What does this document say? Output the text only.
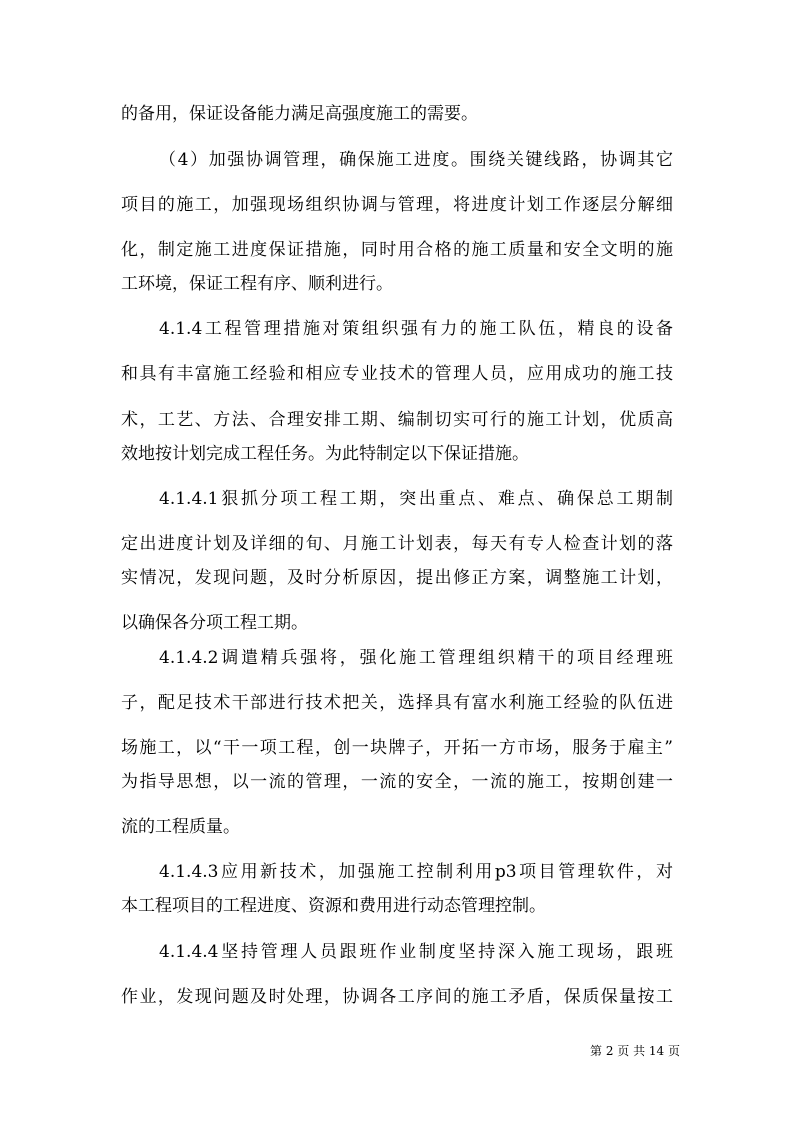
的备用，保证设备能力满足高强度施工的需要。
（4）加强协调管理，确保施工进度。围绕关键线路，协调其它
项目的施工，加强现场组织协调与管理，将进度计划工作逐层分解细
化，制定施工进度保证措施，同时用合格的施工质量和安全文明的施
工环境，保证工程有序、顺利进行。
4.1.4工程管理措施对策组织强有力的施工队伍，精良的设备
和具有丰富施工经验和相应专业技术的管理人员，应用成功的施工技
术，工艺、方法、合理安排工期、编制切实可行的施工计划，优质高
效地按计划完成工程任务。为此特制定以下保证措施。
4.1.4.1狠抓分项工程工期，突出重点、难点、确保总工期制
定出进度计划及详细的旬、月施工计划表，每天有专人检查计划的落
实情况，发现问题，及时分析原因，提出修正方案，调整施工计划，
以确保各分项工程工期。
4.1.4.2调遣精兵强将，强化施工管理组织精干的项目经理班
子，配足技术干部进行技术把关，选择具有富水利施工经验的队伍进
场施工，以“干一项工程，创一块牌子，开拓一方市场，服务于雇主”
为指导思想，以一流的管理，一流的安全，一流的施工，按期创建一
流的工程质量。
4.1.4.3应用新技术，加强施工控制利用p3项目管理软件，对
本工程项目的工程进度、资源和费用进行动态管理控制。
4.1.4.4坚持管理人员跟班作业制度坚持深入施工现场，跟班
作业，发现问题及时处理，协调各工序间的施工矛盾，保质保量按工
第 2 页 共 14 页
